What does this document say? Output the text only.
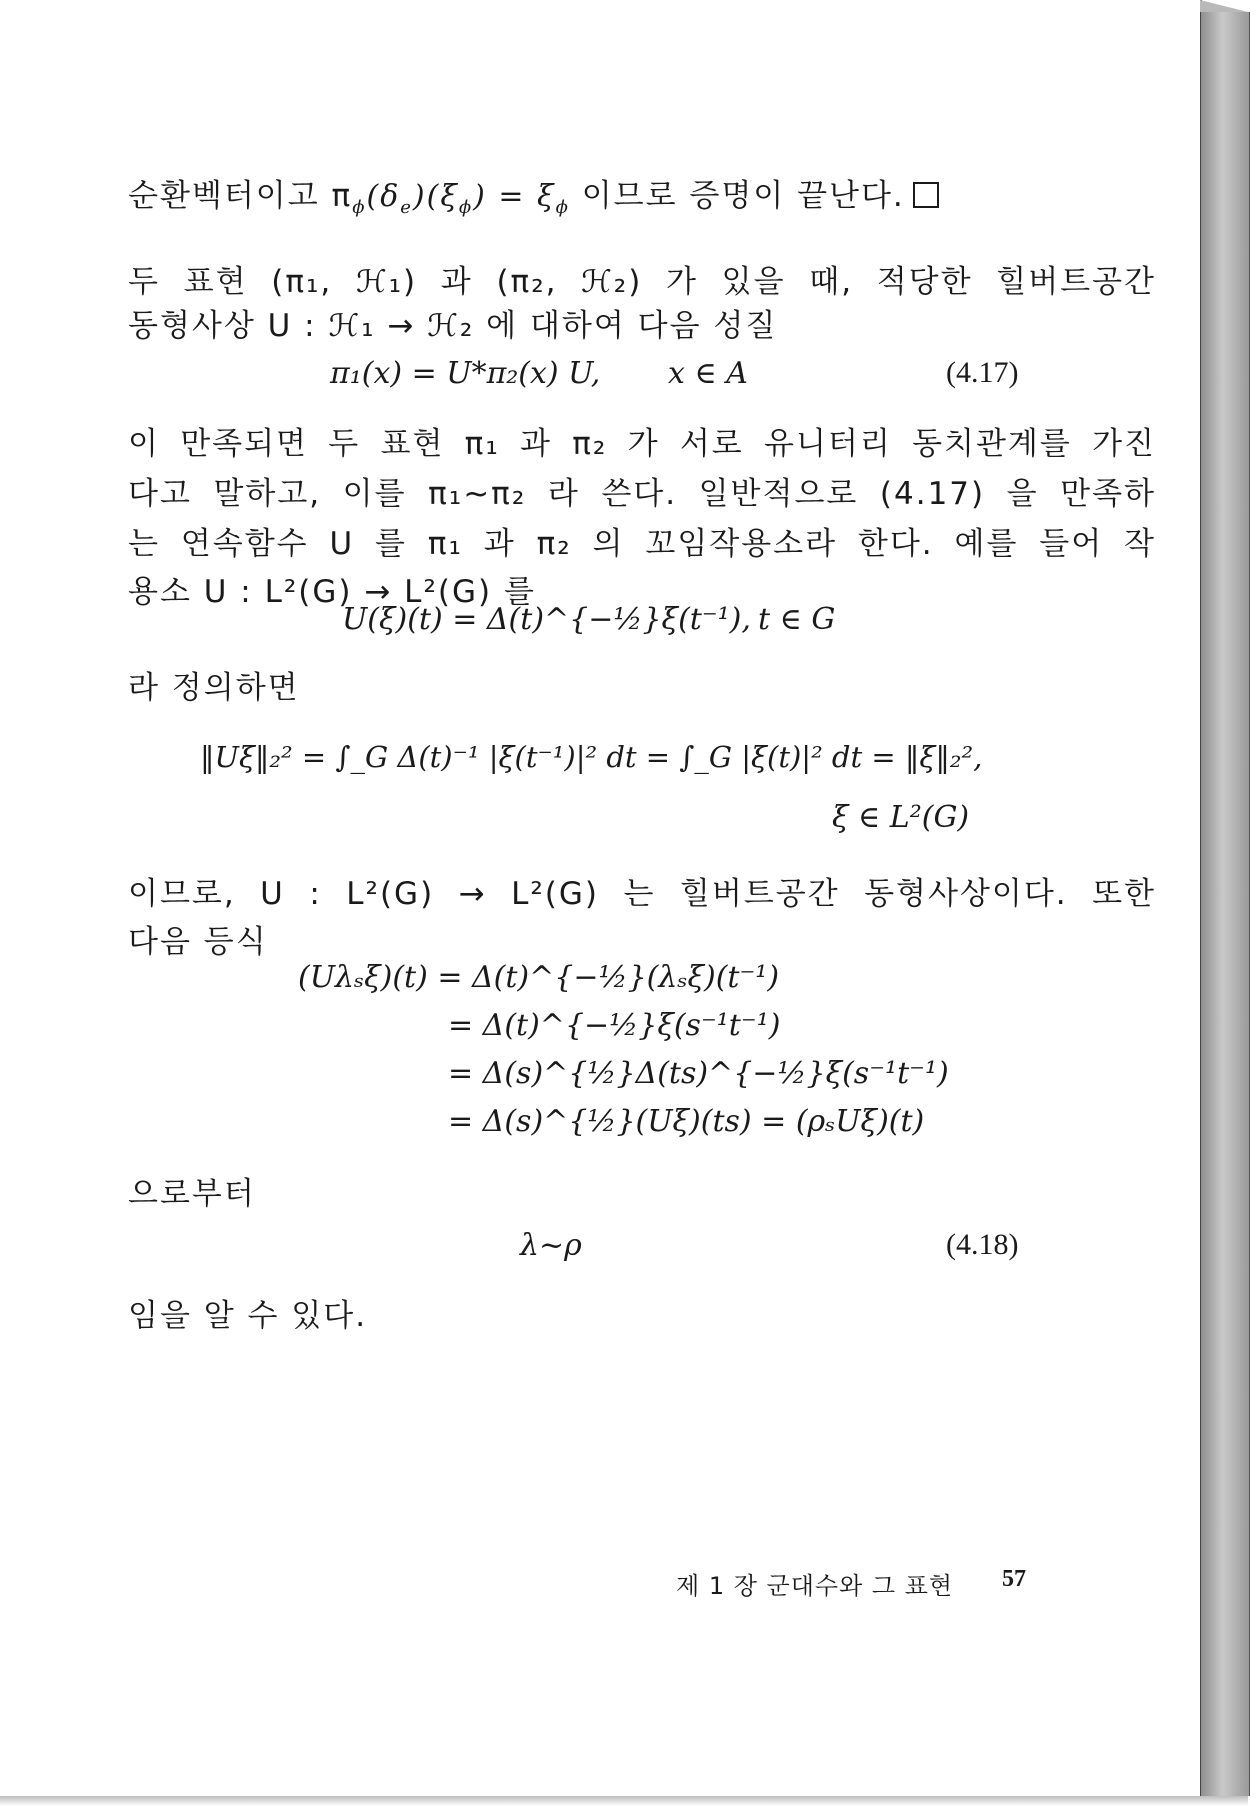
순환벡터이고 $\pi_\phi(\delta_e)(\xi_\phi) = \xi_\phi$ 이므로 증명이 끝난다.
두 표현 (π₁, ℋ₁) 과 (π₂, ℋ₂) 가 있을 때, 적당한 힐버트공간
동형사상 U : ℋ₁ → ℋ₂ 에 대하여 다음 성질
π₁(x) = U*π₂(x) U, x ∈ A	(4.17)
이 만족되면 두 표현 π₁ 과 π₂ 가 서로 유니터리 동치관계를 가진
다고 말하고, 이를 π₁~π₂ 라 쓴다. 일반적으로 (4.17) 을 만족하
는 연속함수 U 를 π₁ 과 π₂ 의 꼬임작용소라 한다. 예를 들어 작
용소 U : L²(G) → L²(G) 를
U(ξ)(t) = Δ(t)^{−½}ξ(t⁻¹), t ∈ G
라 정의하면
‖Uξ‖₂² = ∫_G Δ(t)⁻¹ |ξ(t⁻¹)|² dt = ∫_G |ξ(t)|² dt = ‖ξ‖₂²,
ξ ∈ L²(G)
이므로, U : L²(G) → L²(G) 는 힐버트공간 동형사상이다. 또한
다음 등식
(Uλₛξ)(t) = Δ(t)^{−½}(λₛξ)(t⁻¹)
= Δ(t)^{−½}ξ(s⁻¹t⁻¹)
= Δ(s)^{½}Δ(ts)^{−½}ξ(s⁻¹t⁻¹)
= Δ(s)^{½}(Uξ)(ts) = (ρₛUξ)(t)
으로부터
λ~ρ	(4.18)
임을 알 수 있다.
제 1 장 군대수와 그 표현 57
